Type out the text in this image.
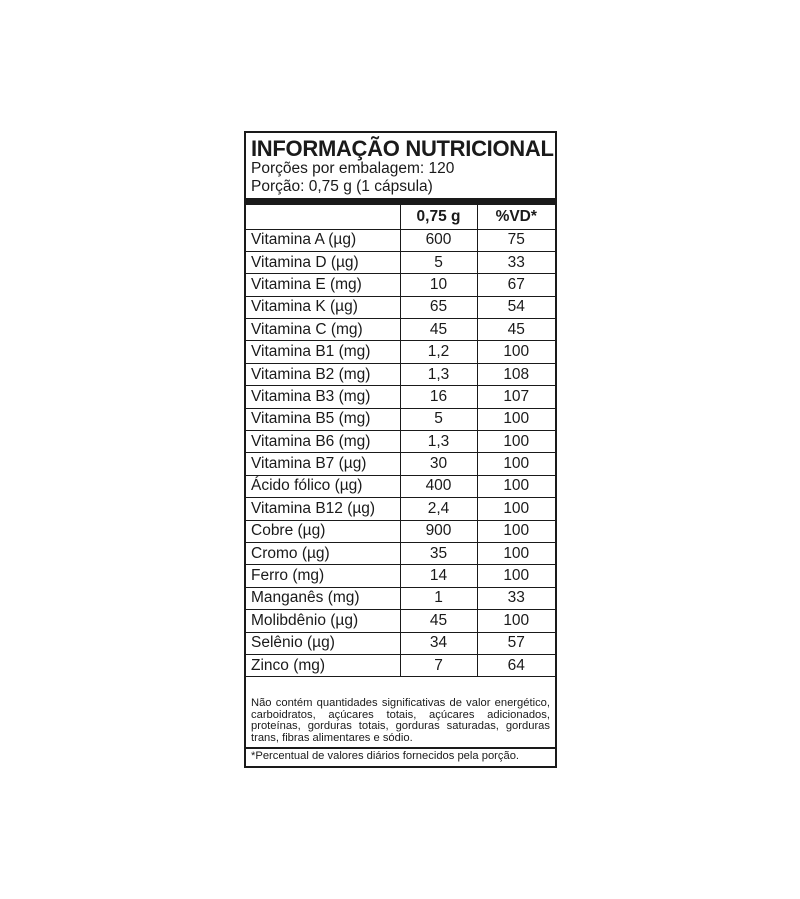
INFORMAÇÃO NUTRICIONAL
Porções por embalagem: 120
Porção: 0,75 g (1 cápsula)
	0,75 g	%VD*
Vitamina A (µg)	600	75
Vitamina D (µg)	5	33
Vitamina E (mg)	10	67
Vitamina K (µg)	65	54
Vitamina C (mg)	45	45
Vitamina B1 (mg)	1,2	100
Vitamina B2 (mg)	1,3	108
Vitamina B3 (mg)	16	107
Vitamina B5 (mg)	5	100
Vitamina B6 (mg)	1,3	100
Vitamina B7 (µg)	30	100
Ácido fólico (µg)	400	100
Vitamina B12 (µg)	2,4	100
Cobre (µg)	900	100
Cromo (µg)	35	100
Ferro (mg)	14	100
Manganês (mg)	1	33
Molibdênio (µg)	45	100
Selênio (µg)	34	57
Zinco (mg)	7	64
Não contém quantidades significativas de valor energético, carboidratos, açúcares totais, açúcares adicionados, proteínas, gorduras totais, gorduras saturadas, gorduras trans, fibras alimentares e sódio.
*Percentual de valores diários fornecidos pela porção.
